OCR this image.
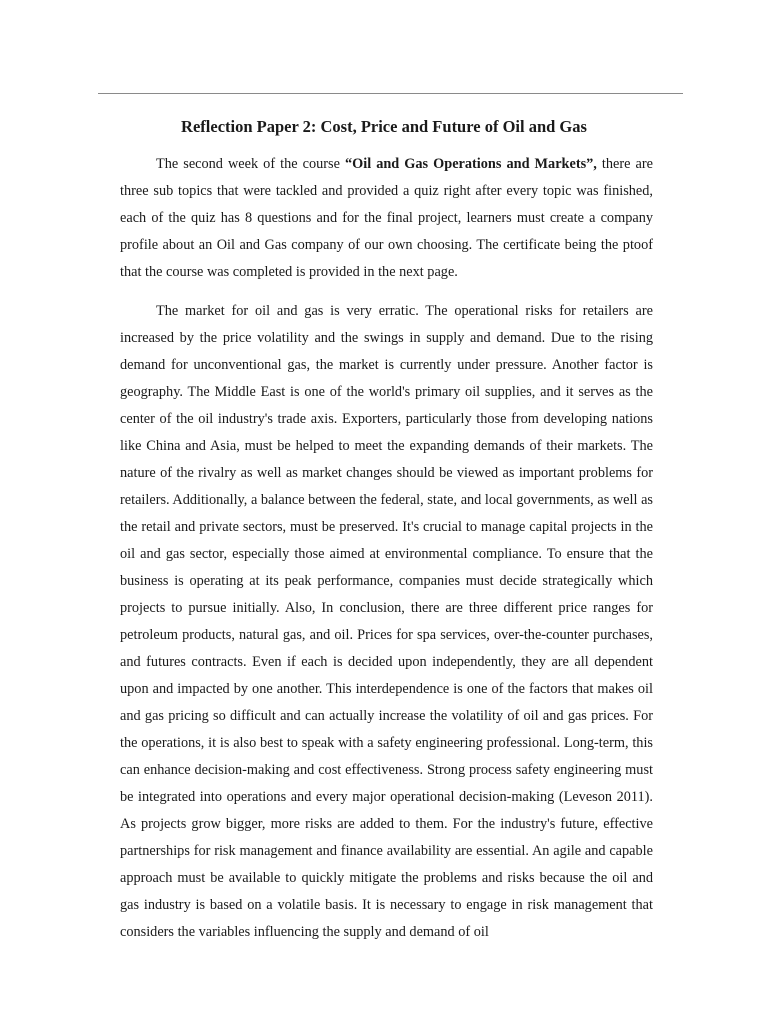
Reflection Paper 2: Cost, Price and Future of Oil and Gas

The second week of the course “Oil and Gas Operations and Markets”, there are three sub topics that were tackled and provided a quiz right after every topic was finished, each of the quiz has 8 questions and for the final project, learners must create a company profile about an Oil and Gas company of our own choosing. The certificate being the ptoof that the course was completed is provided in the next page.

The market for oil and gas is very erratic. The operational risks for retailers are increased by the price volatility and the swings in supply and demand. Due to the rising demand for unconventional gas, the market is currently under pressure. Another factor is geography. The Middle East is one of the world's primary oil supplies, and it serves as the center of the oil industry's trade axis. Exporters, particularly those from developing nations like China and Asia, must be helped to meet the expanding demands of their markets. The nature of the rivalry as well as market changes should be viewed as important problems for retailers. Additionally, a balance between the federal, state, and local governments, as well as the retail and private sectors, must be preserved. It's crucial to manage capital projects in the oil and gas sector, especially those aimed at environmental compliance. To ensure that the business is operating at its peak performance, companies must decide strategically which projects to pursue initially. Also, In conclusion, there are three different price ranges for petroleum products, natural gas, and oil. Prices for spa services, over-the-counter purchases, and futures contracts. Even if each is decided upon independently, they are all dependent upon and impacted by one another. This interdependence is one of the factors that makes oil and gas pricing so difficult and can actually increase the volatility of oil and gas prices. For the operations, it is also best to speak with a safety engineering professional. Long-term, this can enhance decision-making and cost effectiveness. Strong process safety engineering must be integrated into operations and every major operational decision-making (Leveson 2011). As projects grow bigger, more risks are added to them. For the industry's future, effective partnerships for risk management and finance availability are essential. An agile and capable approach must be available to quickly mitigate the problems and risks because the oil and gas industry is based on a volatile basis. It is necessary to engage in risk management that considers the variables influencing the supply and demand of oil
